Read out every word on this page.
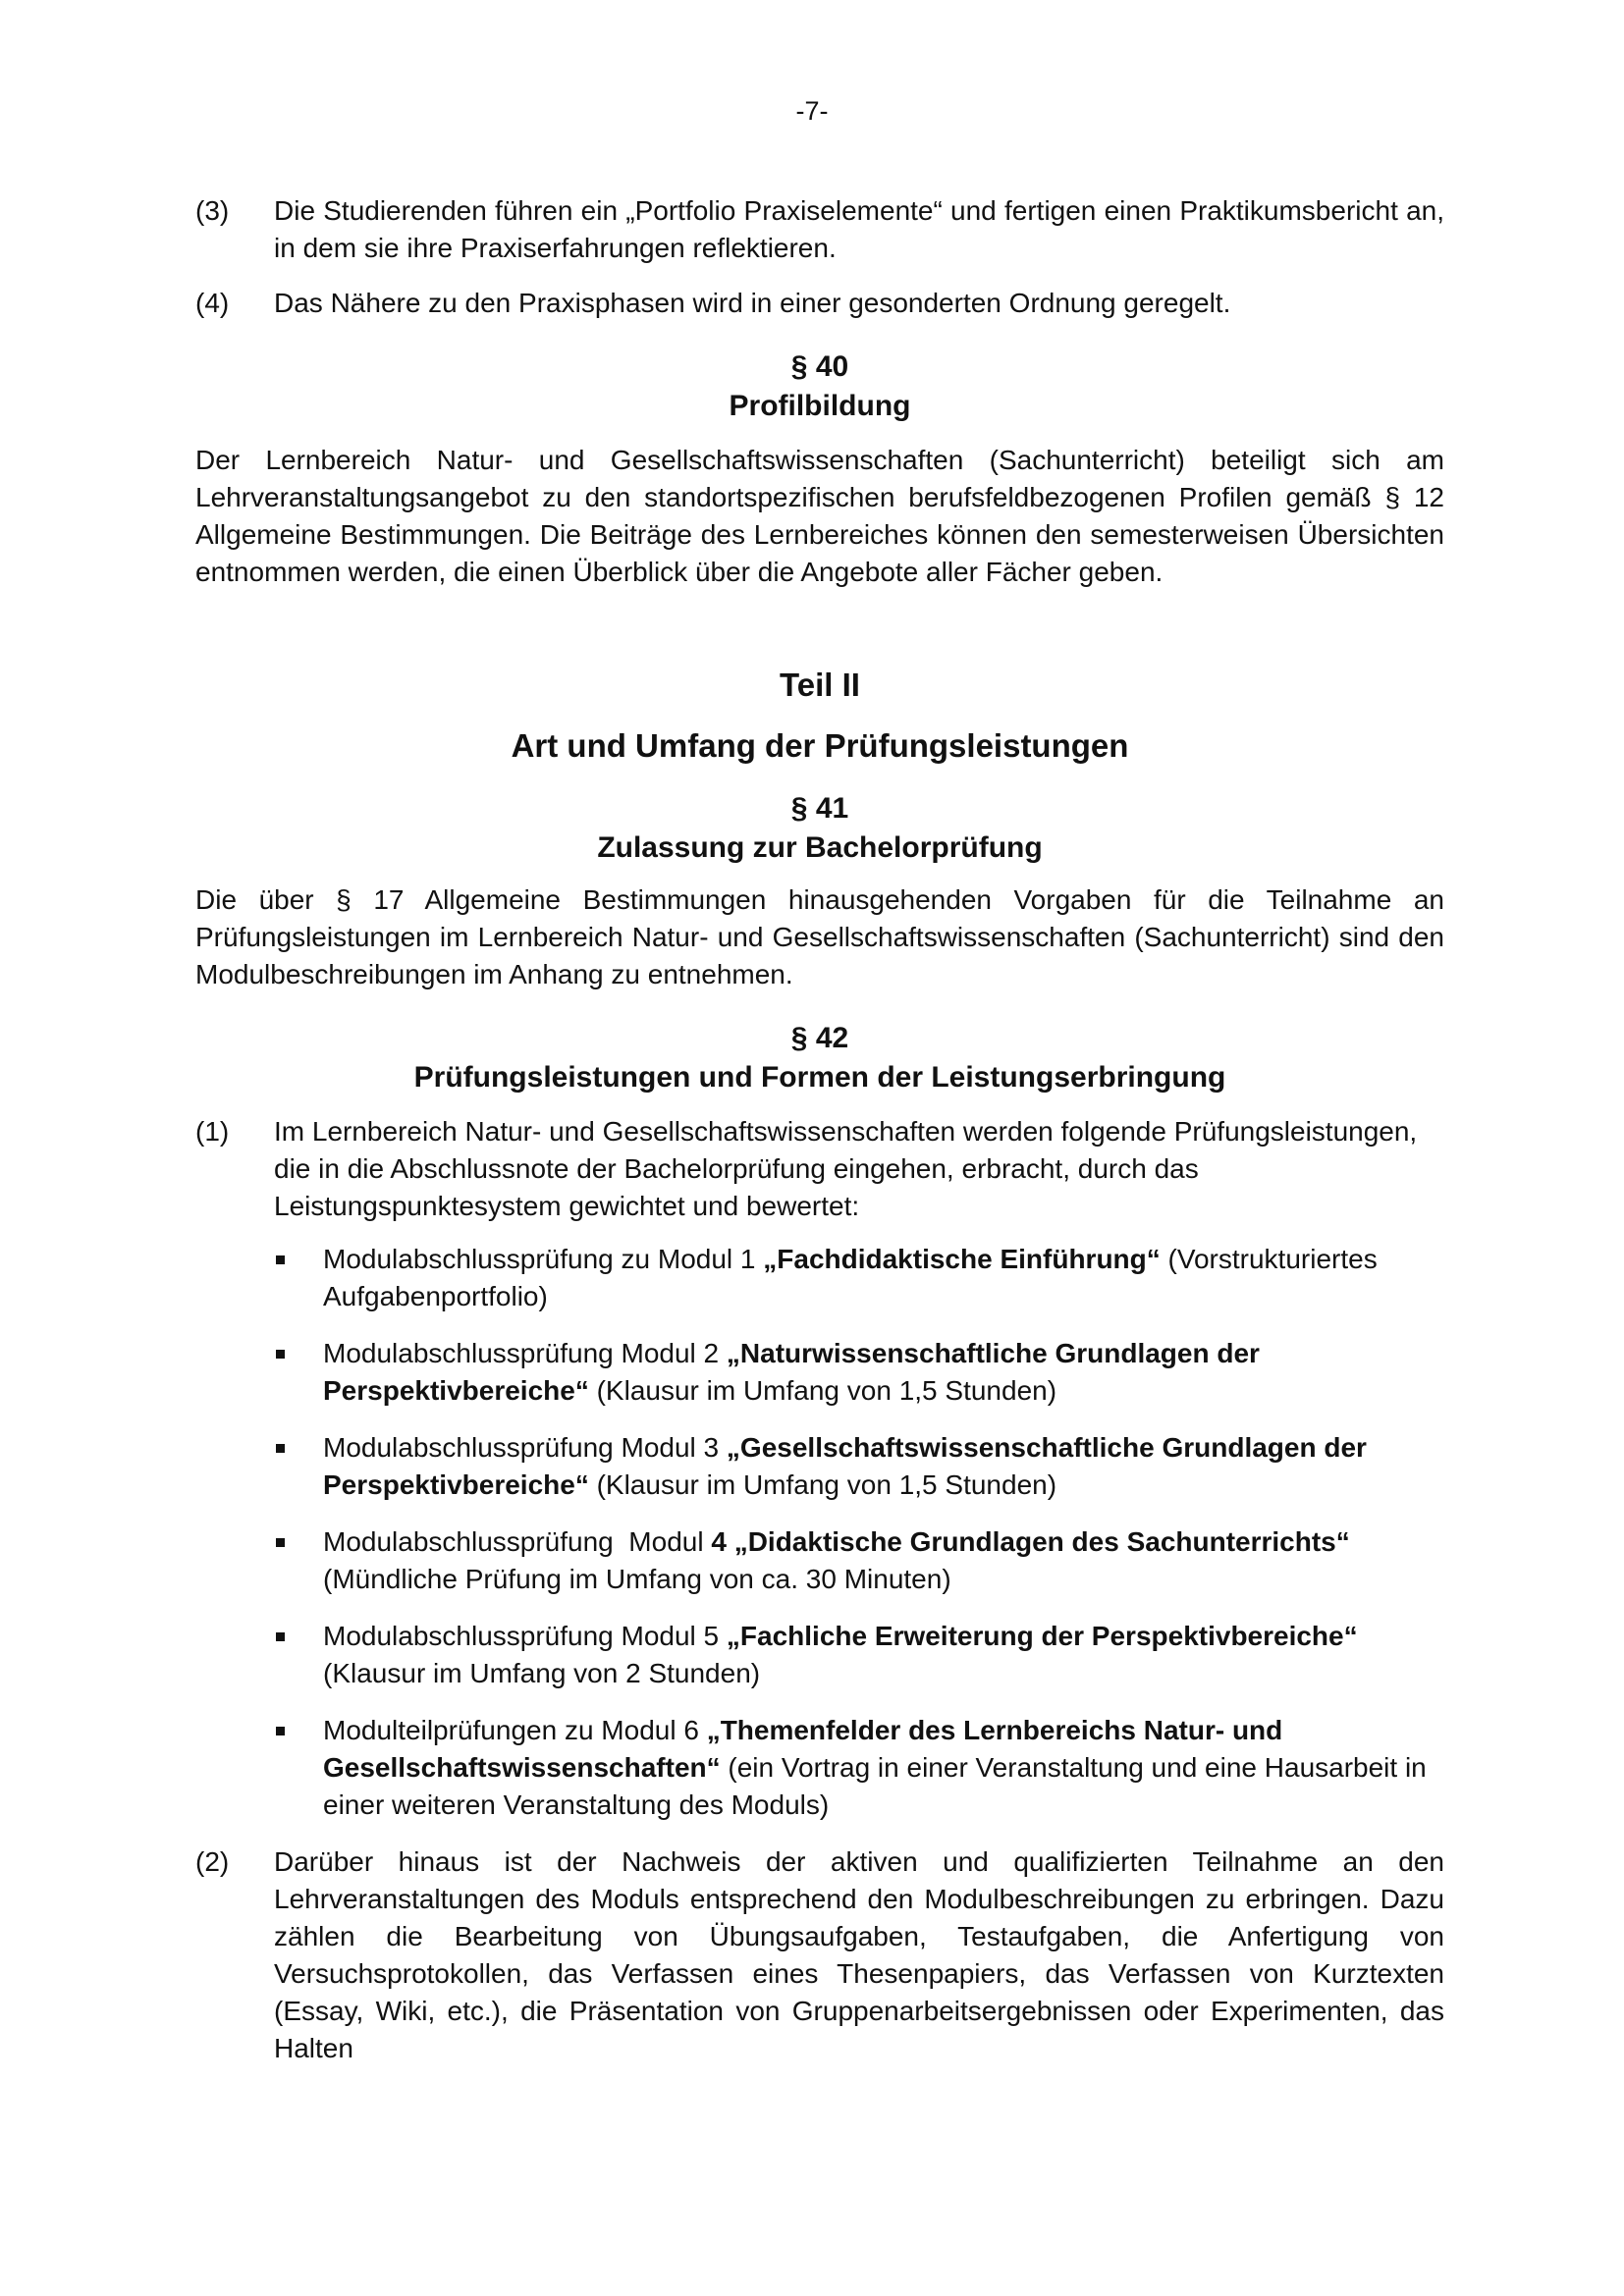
-7-
(3)	Die Studierenden führen ein „Portfolio Praxiselemente“ und fertigen einen Praktikumsbericht an, in dem sie ihre Praxiserfahrungen reflektieren.
(4)	Das Nähere zu den Praxisphasen wird in einer gesonderten Ordnung geregelt.
§ 40
Profilbildung
Der Lernbereich Natur- und Gesellschaftswissenschaften (Sachunterricht) beteiligt sich am Lehrveranstaltungsangebot zu den standortspezifischen berufsfeldbezogenen Profilen gemäß § 12 Allgemeine Bestimmungen. Die Beiträge des Lernbereiches können den semesterweisen Übersichten entnommen werden, die einen Überblick über die Angebote aller Fächer geben.
Teil II
Art und Umfang der Prüfungsleistungen
§ 41
Zulassung zur Bachelorprüfung
Die über § 17 Allgemeine Bestimmungen hinausgehenden Vorgaben für die Teilnahme an Prüfungsleistungen im Lernbereich Natur- und Gesellschaftswissenschaften (Sachunterricht) sind den Modulbeschreibungen im Anhang zu entnehmen.
§ 42
Prüfungsleistungen und Formen der Leistungserbringung
(1)	Im Lernbereich Natur- und Gesellschaftswissenschaften werden folgende Prüfungsleistungen, die in die Abschlussnote der Bachelorprüfung eingehen, erbracht, durch das Leistungspunktesystem gewichtet und bewertet:
Modulabschlussprüfung zu Modul 1 „Fachdidaktische Einführung“ (Vorstrukturiertes Aufgabenportfolio)
Modulabschlussprüfung Modul 2 „Naturwissenschaftliche Grundlagen der Perspektivbereiche“ (Klausur im Umfang von 1,5 Stunden)
Modulabschlussprüfung Modul 3 „Gesellschaftswissenschaftliche Grundlagen der Perspektivbereiche“ (Klausur im Umfang von 1,5 Stunden)
Modulabschlussprüfung  Modul 4 „Didaktische Grundlagen des Sachunterrichts“ (Mündliche Prüfung im Umfang von ca. 30 Minuten)
Modulabschlussprüfung Modul 5 „Fachliche Erweiterung der Perspektivbereiche“ (Klausur im Umfang von 2 Stunden)
Modulteilprüfungen zu Modul 6 „Themenfelder des Lernbereichs Natur- und Gesellschaftswissenschaften“ (ein Vortrag in einer Veranstaltung und eine Hausarbeit in einer weiteren Veranstaltung des Moduls)
(2)	Darüber hinaus ist der Nachweis der aktiven und qualifizierten Teilnahme an den Lehrveranstaltungen des Moduls entsprechend den Modulbeschreibungen zu erbringen. Dazu zählen die Bearbeitung von Übungsaufgaben, Testaufgaben, die Anfertigung von Versuchsprotokollen, das Verfassen eines Thesenpapiers, das Verfassen von Kurztexten (Essay, Wiki, etc.), die Präsentation von Gruppenarbeitsergebnissen oder Experimenten, das Halten
